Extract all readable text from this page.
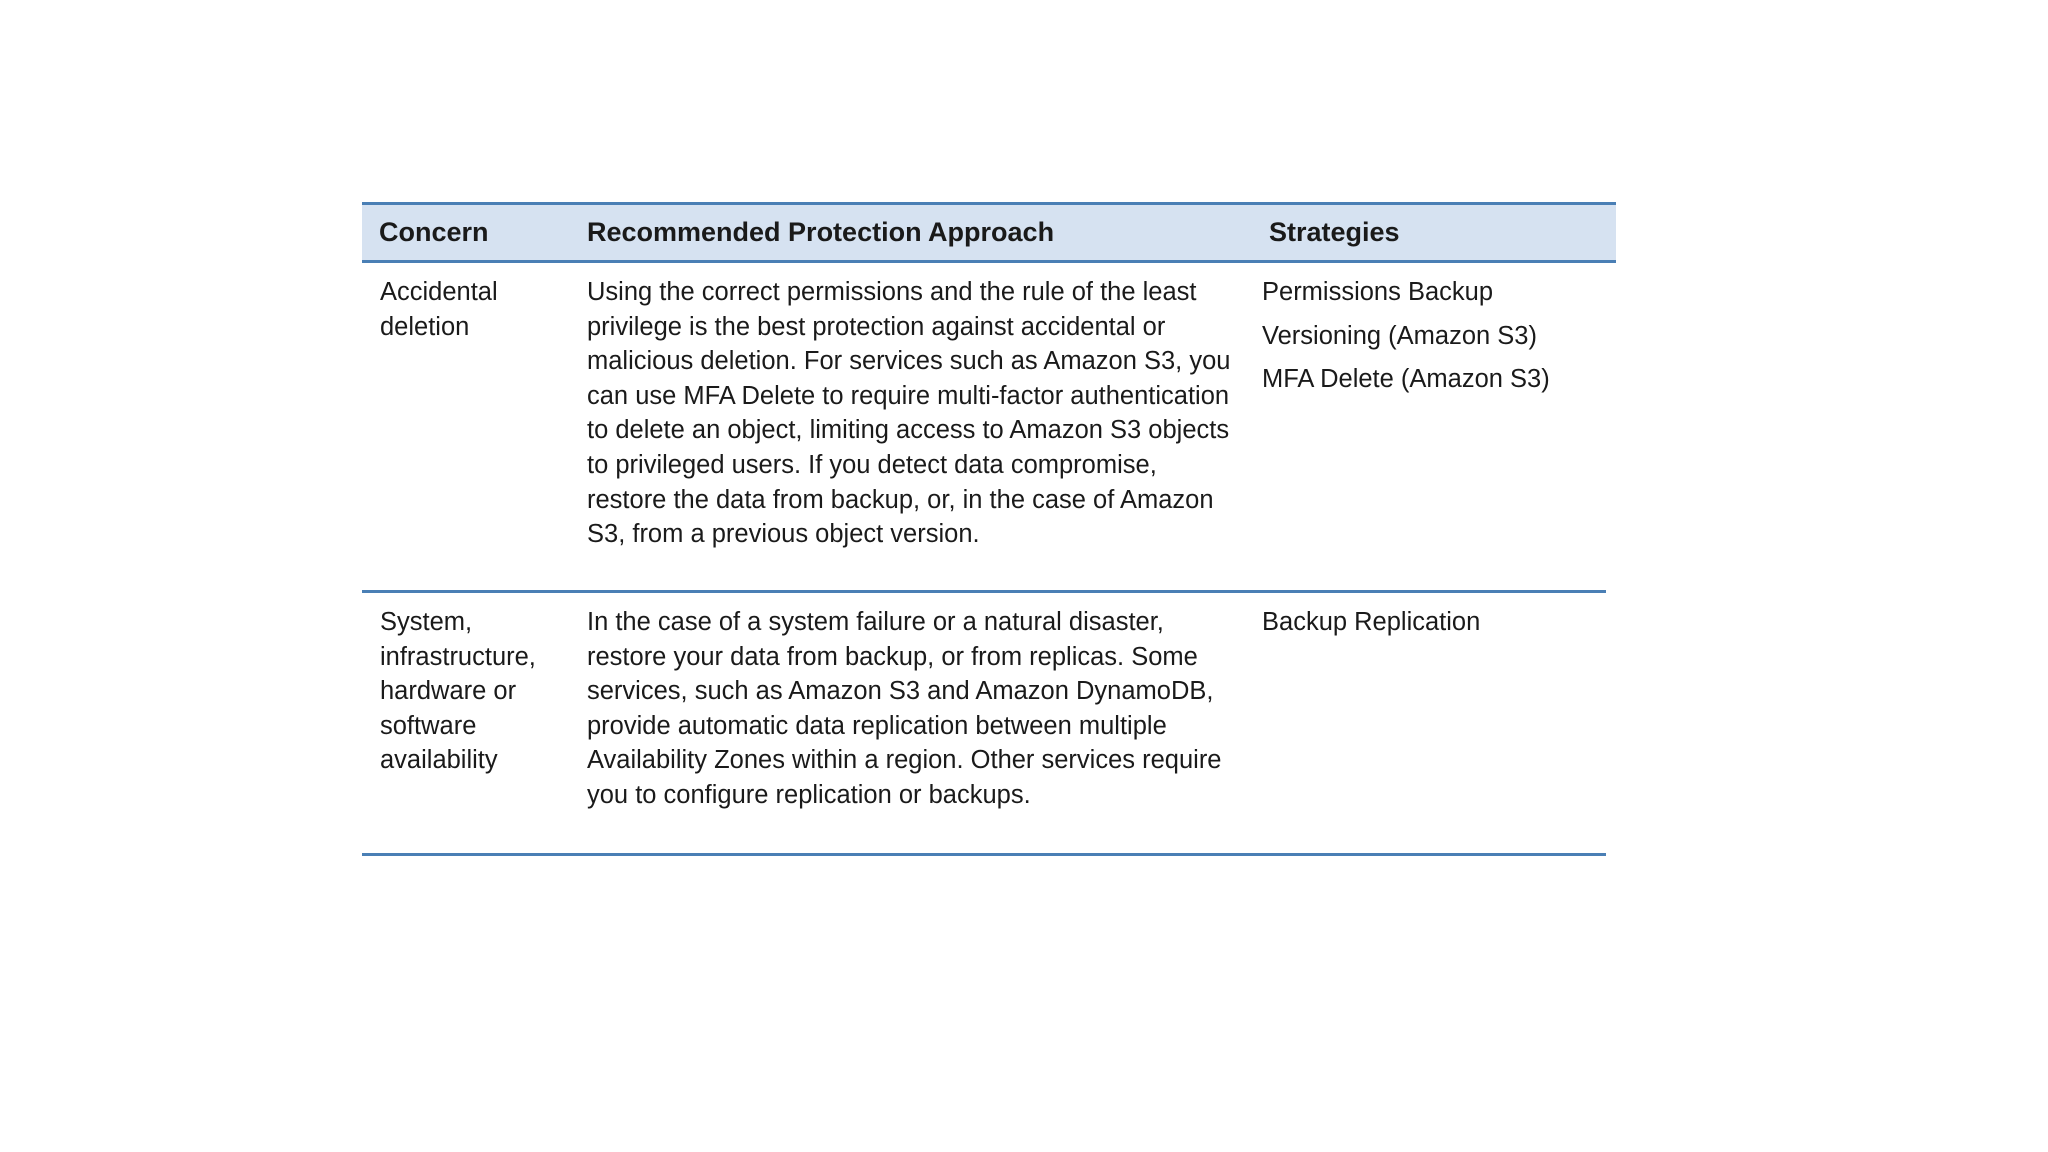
Concern	Recommended Protection Approach	Strategies
Accidental deletion
Using the correct permissions and the rule of the least privilege is the best protection against accidental or malicious deletion. For services such as Amazon S3, you can use MFA Delete to require multi-factor authentication to delete an object, limiting access to Amazon S3 objects to privileged users. If you detect data compromise, restore the data from backup, or, in the case of Amazon S3, from a previous object version.
Permissions Backup
Versioning (Amazon S3)
MFA Delete (Amazon S3)
System, infrastructure, hardware or software availability
In the case of a system failure or a natural disaster, restore your data from backup, or from replicas. Some services, such as Amazon S3 and Amazon DynamoDB, provide automatic data replication between multiple Availability Zones within a region. Other services require you to configure replication or backups.
Backup Replication
